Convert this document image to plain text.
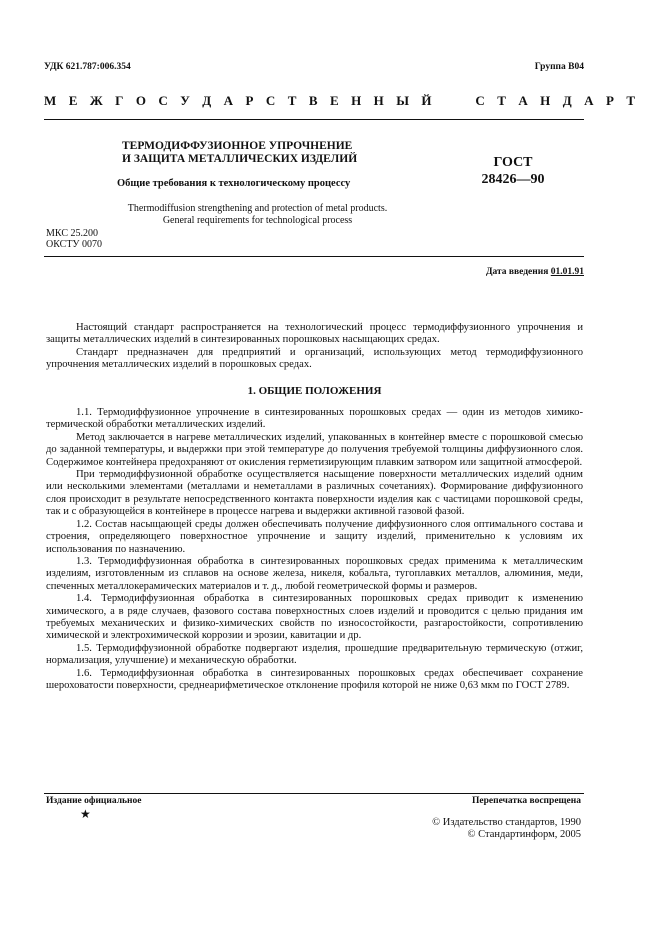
УДК 621.787:006.354	Группа В04
М Е Ж Г О С У Д А Р С Т В Е Н Н Ы Й     С Т А Н Д А Р Т
ТЕРМОДИФФУЗИОННОЕ УПРОЧНЕНИЕ
И ЗАЩИТА МЕТАЛЛИЧЕСКИХ ИЗДЕЛИЙ
Общие требования к технологическому процессу
Thermodiffusion strengthening and protection of metal products.
General requirements for technological process
ГОСТ
28426—90
МКС 25.200
ОКСТУ 0070
Дата введения 01.01.91

Настоящий стандарт распространяется на технологический процесс термодиффузионного упрочнения и защиты металлических изделий в синтезированных порошковых насыщающих средах.

Стандарт предназначен для предприятий и организаций, использующих метод термодиффузионного упрочнения металлических изделий в порошковых средах.

1. ОБЩИЕ ПОЛОЖЕНИЯ

1.1. Термодиффузионное упрочнение в синтезированных порошковых средах — один из методов химико-термической обработки металлических изделий.

Метод заключается в нагреве металлических изделий, упакованных в контейнер вместе с порошковой смесью до заданной температуры, и выдержки при этой температуре до получения требуемой толщины диффузионного слоя. Содержимое контейнера предохраняют от окисления герметизирующим плавким затвором или защитной атмосферой.

При термодиффузионной обработке осуществляется насыщение поверхности металлических изделий одним или несколькими элементами (металлами и неметаллами в различных сочетаниях). Формирование диффузионного слоя происходит в результате непосредственного контакта поверхности изделия как с частицами порошковой среды, так и с образующейся в контейнере в процессе нагрева и выдержки активной газовой фазой.

1.2. Состав насыщающей среды должен обеспечивать получение диффузионного слоя оптимального состава и строения, определяющего поверхностное упрочнение и защиту изделий, применительно к условиям их использования по назначению.

1.3. Термодиффузионная обработка в синтезированных порошковых средах применима к металлическим изделиям, изготовленным из сплавов на основе железа, никеля, кобальта, тугоплавких металлов, алюминия, меди, спеченных металлокерамических материалов и т. д., любой геометрической формы и размеров.

1.4. Термодиффузионная обработка в синтезированных порошковых средах приводит к изменению химического, а в ряде случаев, фазового состава поверхностных слоев изделий и проводится с целью придания им требуемых механических и физико-химических свойств по износостойкости, разгаростойкости, сопротивлению химической и электрохимической коррозии и эрозии, кавитации и др.

1.5. Термодиффузионной обработке подвергают изделия, прошедшие предварительную термическую (отжиг, нормализация, улучшение) и механическую обработки.

1.6. Термодиффузионная обработка в синтезированных порошковых средах обеспечивает сохранение шероховатости поверхности, среднеарифметическое отклонение профиля которой не ниже 0,63 мкм по ГОСТ 2789.

Издание официальное	Перепечатка воспрещена
★
© Издательство стандартов, 1990
© Стандартинформ, 2005
